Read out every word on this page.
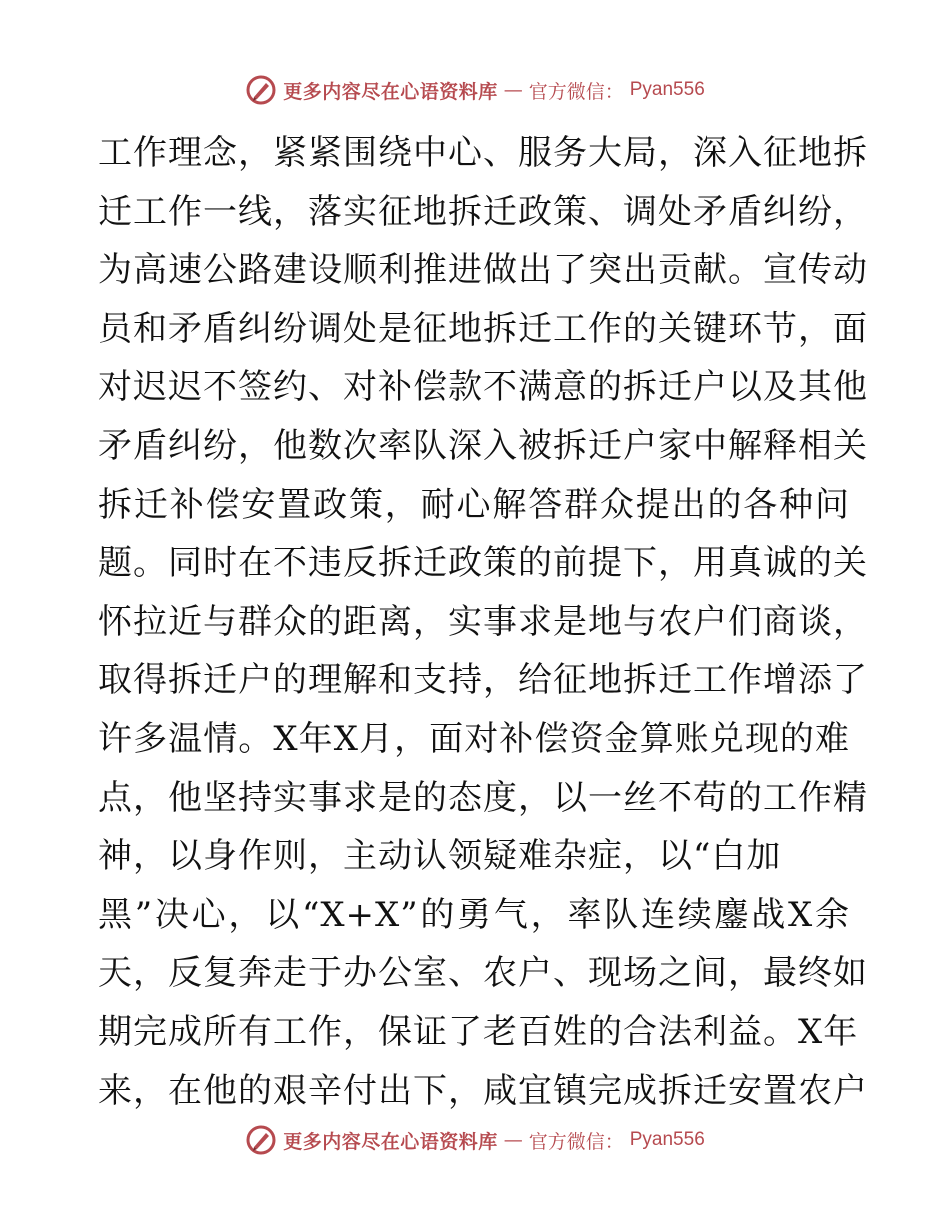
更多内容尽在心语资料库 — 官方微信： Pyan556
工作理念，紧紧围绕中心、服务大局，深入征地拆
迁工作一线，落实征地拆迁政策、调处矛盾纠纷，
为高速公路建设顺利推进做出了突出贡献。宣传动
员和矛盾纠纷调处是征地拆迁工作的关键环节，面
对迟迟不签约、对补偿款不满意的拆迁户以及其他
矛盾纠纷，他数次率队深入被拆迁户家中解释相关
拆迁补偿安置政策，耐心解答群众提出的各种问
题。同时在不违反拆迁政策的前提下，用真诚的关
怀拉近与群众的距离，实事求是地与农户们商谈，
取得拆迁户的理解和支持，给征地拆迁工作增添了
许多温情。X年X月，面对补偿资金算账兑现的难
点，他坚持实事求是的态度，以一丝不苟的工作精
神，以身作则，主动认领疑难杂症，以“白加
黑”决心，以“X+X”的勇气，率队连续鏖战X余
天，反复奔走于办公室、农户、现场之间，最终如
期完成所有工作，保证了老百姓的合法利益。X年
来，在他的艰辛付出下，咸宜镇完成拆迁安置农户
更多内容尽在心语资料库 — 官方微信： Pyan556
